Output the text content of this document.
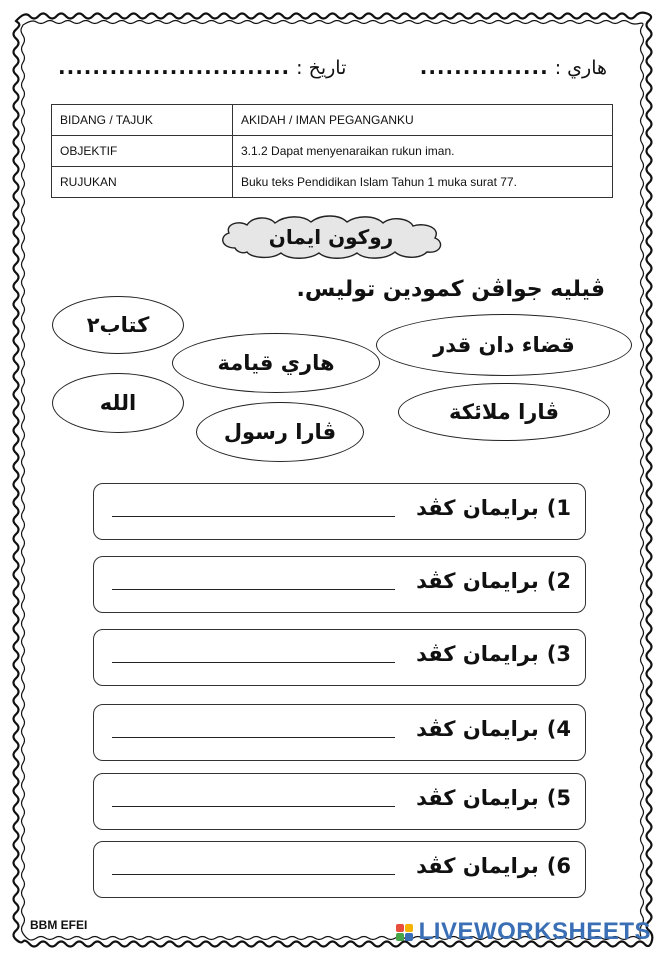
........................... تاريخ :	............... هاري :
BIDANG / TAJUK	AKIDAH / IMAN PEGANGANKU
OBJEKTIF	3.1.2 Dapat menyenaraikan rukun iman.
RUJUKAN	Buku teks Pendidikan Islam Tahun 1 muka surat 77.
روكون ايمان
ڤيليه جواڤن كمودين توليس.
كتاب٢
قضاء دان قدر
هاري قيامة
الله	ڤارا ملائكة
ڤارا رسول
1)
برايمان كڤد
2)
برايمان كڤد
3)
برايمان كڤد
4)
برايمان كڤد
5)
برايمان كڤد
6)
برايمان كڤد
BBM EFEI	LIVEWORKSHEETS
